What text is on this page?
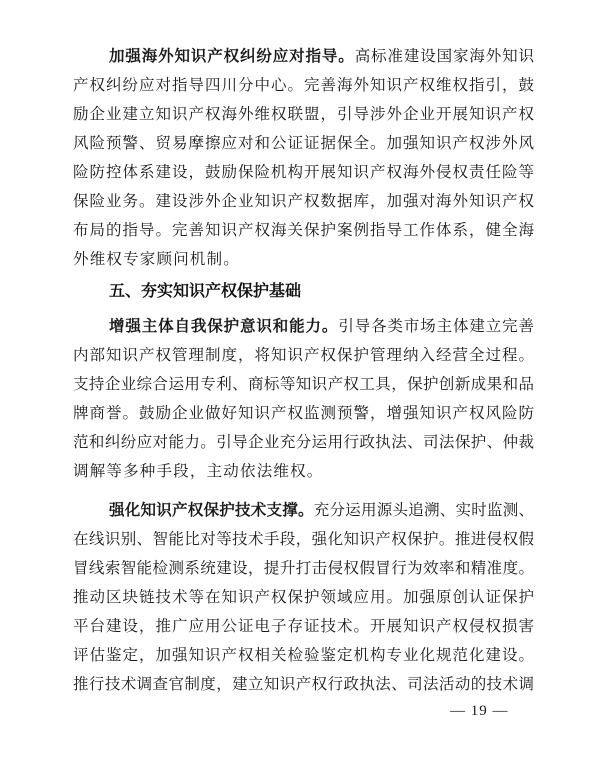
加强海外知识产权纠纷应对指导。高标准建设国家海外知识
产权纠纷应对指导四川分中心。完善海外知识产权维权指引，鼓
励企业建立知识产权海外维权联盟，引导涉外企业开展知识产权
风险预警、贸易摩擦应对和公证证据保全。加强知识产权涉外风
险防控体系建设，鼓励保险机构开展知识产权海外侵权责任险等
保险业务。建设涉外企业知识产权数据库，加强对海外知识产权
布局的指导。完善知识产权海关保护案例指导工作体系，健全海
外维权专家顾问机制。
五、夯实知识产权保护基础
增强主体自我保护意识和能力。引导各类市场主体建立完善
内部知识产权管理制度，将知识产权保护管理纳入经营全过程。
支持企业综合运用专利、商标等知识产权工具，保护创新成果和品
牌商誉。鼓励企业做好知识产权监测预警，增强知识产权风险防
范和纠纷应对能力。引导企业充分运用行政执法、司法保护、仲裁
调解等多种手段，主动依法维权。
强化知识产权保护技术支撑。充分运用源头追溯、实时监测、
在线识别、智能比对等技术手段，强化知识产权保护。推进侵权假
冒线索智能检测系统建设，提升打击侵权假冒行为效率和精准度。
推动区块链技术等在知识产权保护领域应用。加强原创认证保护
平台建设，推广应用公证电子存证技术。开展知识产权侵权损害
评估鉴定，加强知识产权相关检验鉴定机构专业化规范化建设。
推行技术调查官制度，建立知识产权行政执法、司法活动的技术调
— 19 —
